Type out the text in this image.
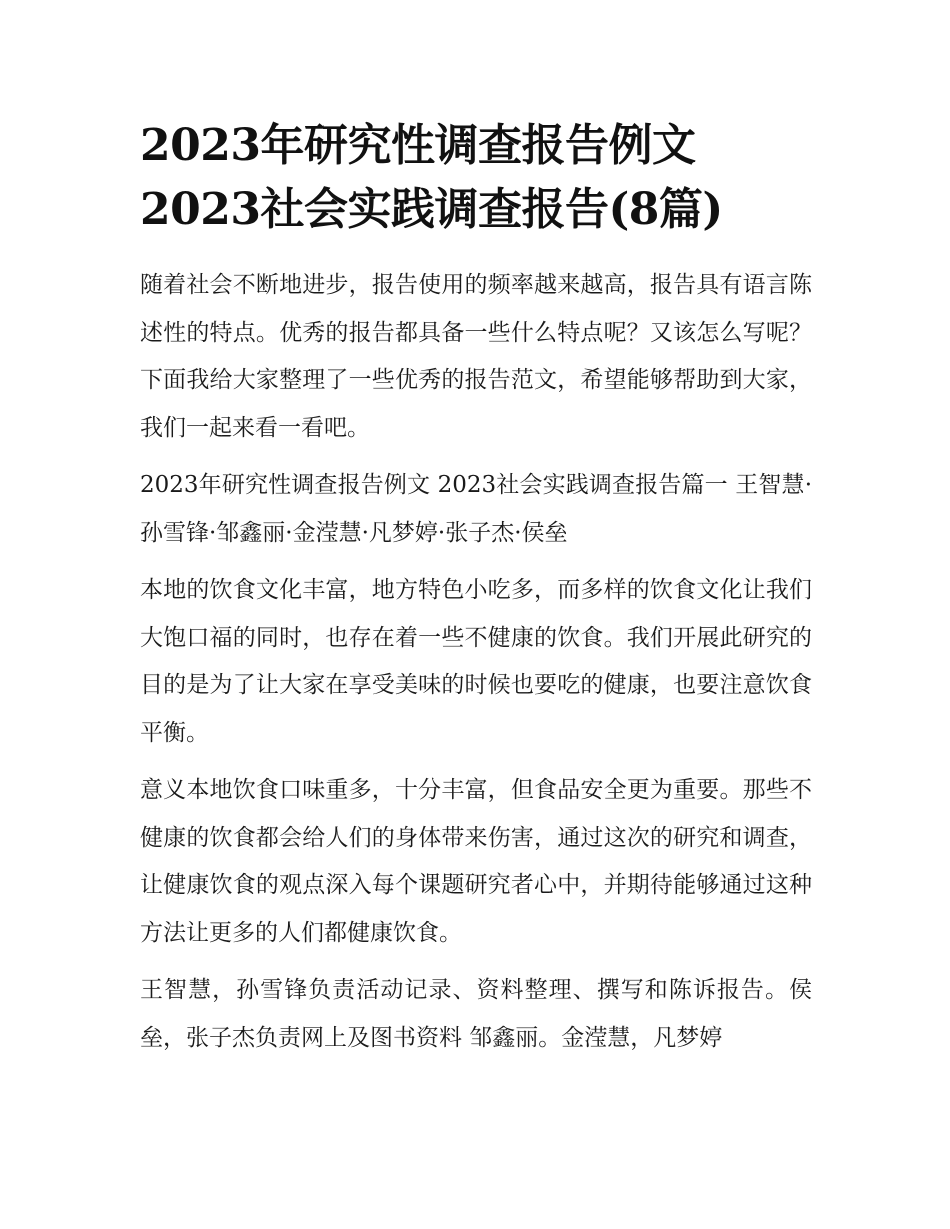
2023年研究性调查报告例文
2023社会实践调查报告(8篇)

随着社会不断地进步，报告使用的频率越来越高，报告具有语言陈述性的特点。优秀的报告都具备一些什么特点呢？又该怎么写呢？下面我给大家整理了一些优秀的报告范文，希望能够帮助到大家，我们一起来看一看吧。

2023年研究性调查报告例文 2023社会实践调查报告篇一 王智慧·孙雪锋·邹鑫丽·金滢慧·凡梦婷·张子杰·侯垒

本地的饮食文化丰富，地方特色小吃多，而多样的饮食文化让我们大饱口福的同时，也存在着一些不健康的饮食。我们开展此研究的目的是为了让大家在享受美味的时候也要吃的健康，也要注意饮食平衡。

意义本地饮食口味重多，十分丰富，但食品安全更为重要。那些不健康的饮食都会给人们的身体带来伤害，通过这次的研究和调查，让健康饮食的观点深入每个课题研究者心中，并期待能够通过这种方法让更多的人们都健康饮食。

王智慧，孙雪锋负责活动记录、资料整理、撰写和陈诉报告。侯垒，张子杰负责网上及图书资料 邹鑫丽。金滢慧，凡梦婷
